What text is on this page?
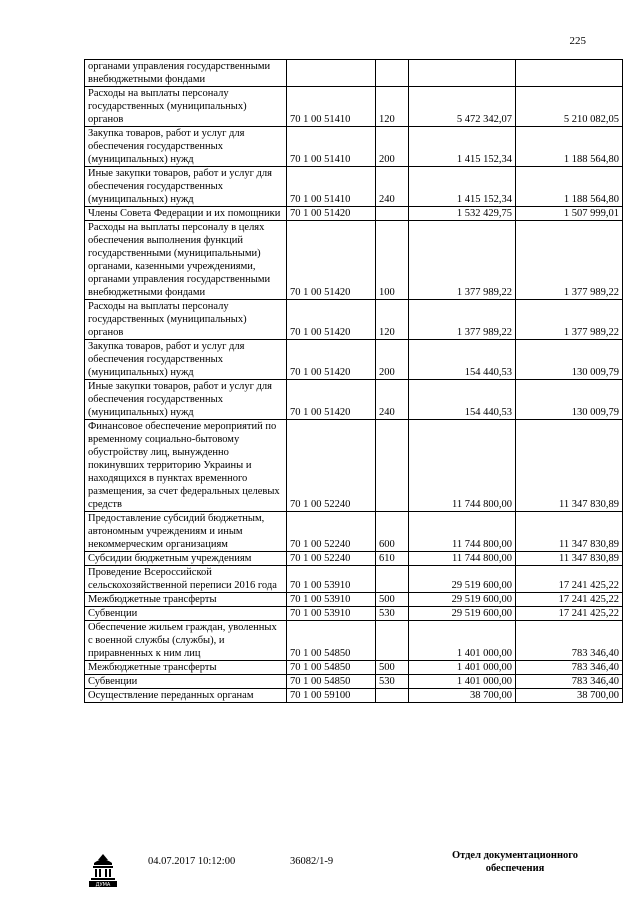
225
органами управления государственными внебюджетными фондами				
Расходы на выплаты персоналу государственных (муниципальных) органов	70 1 00 51410	120	5 472 342,07	5 210 082,05
Закупка товаров, работ и услуг для обеспечения государственных (муниципальных) нужд	70 1 00 51410	200	1 415 152,34	1 188 564,80
Иные закупки товаров, работ и услуг для обеспечения государственных (муниципальных) нужд	70 1 00 51410	240	1 415 152,34	1 188 564,80
Члены Совета Федерации и их помощники	70 1 00 51420		1 532 429,75	1 507 999,01
Расходы на выплаты персоналу в целях обеспечения выполнения функций государственными (муниципальными) органами, казенными учреждениями, органами управления государственными внебюджетными фондами	70 1 00 51420	100	1 377 989,22	1 377 989,22
Расходы на выплаты персоналу государственных (муниципальных) органов	70 1 00 51420	120	1 377 989,22	1 377 989,22
Закупка товаров, работ и услуг для обеспечения государственных (муниципальных) нужд	70 1 00 51420	200	154 440,53	130 009,79
Иные закупки товаров, работ и услуг для обеспечения государственных (муниципальных) нужд	70 1 00 51420	240	154 440,53	130 009,79
Финансовое обеспечение мероприятий по временному социально-бытовому обустройству лиц, вынужденно покинувших территорию Украины и находящихся в пунктах временного размещения, за счет федеральных целевых средств	70 1 00 52240		11 744 800,00	11 347 830,89
Предоставление субсидий бюджетным, автономным учреждениям и иным некоммерческим организациям	70 1 00 52240	600	11 744 800,00	11 347 830,89
Субсидии бюджетным учреждениям	70 1 00 52240	610	11 744 800,00	11 347 830,89
Проведение Всероссийской сельскохозяйственной переписи 2016 года	70 1 00 53910		29 519 600,00	17 241 425,22
Межбюджетные трансферты	70 1 00 53910	500	29 519 600,00	17 241 425,22
Субвенции	70 1 00 53910	530	29 519 600,00	17 241 425,22
Обеспечение жильем граждан, уволенных с военной службы (службы), и приравненных к ним лиц	70 1 00 54850		1 401 000,00	783 346,40
Межбюджетные трансферты	70 1 00 54850	500	1 401 000,00	783 346,40
Субвенции	70 1 00 54850	530	1 401 000,00	783 346,40
Осуществление переданных органам	70 1 00 59100		38 700,00	38 700,00
ДУМА
04.07.2017 10:12:00	36082/1-9
Отдел документационного
обеспечения
